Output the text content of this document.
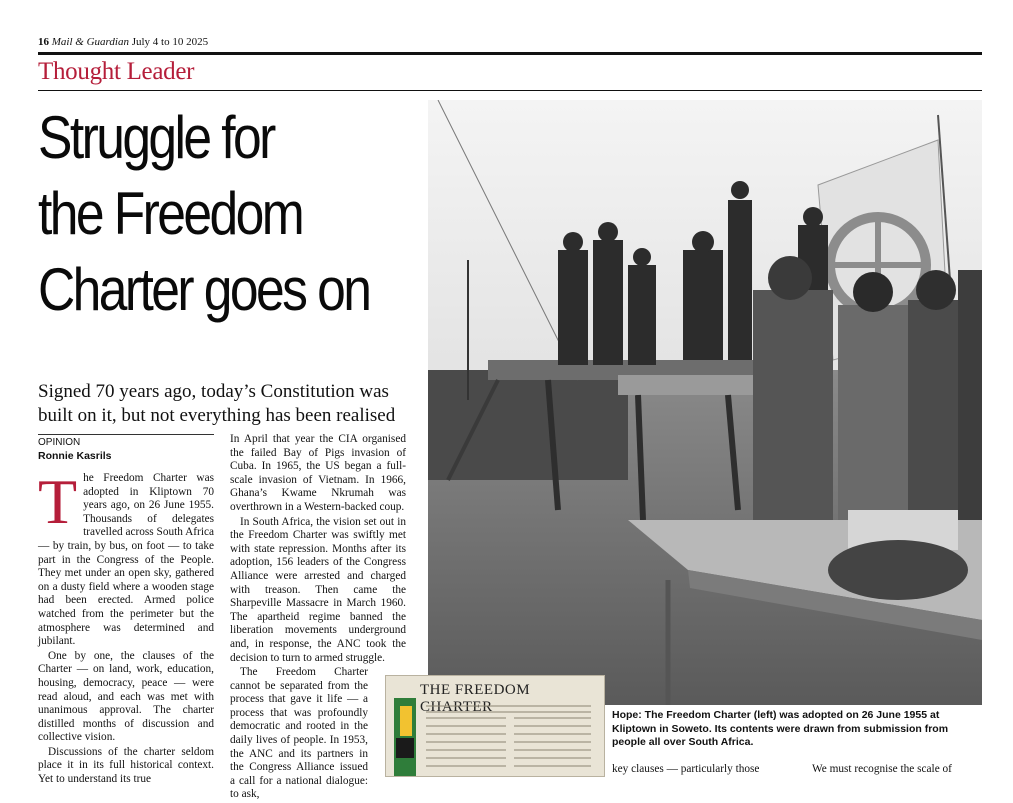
16 Mail & Guardian July 4 to 10 2025
Thought Leader
Struggle for
the Freedom
Charter goes on
Signed 70 years ago, today’s Constitution was
built on it, but not everything has been realised
OPINION
Ronnie Kasrils

The Freedom Charter was adopted in Kliptown 70 years ago, on 26 June 1955. Thousands of delegates travelled across South Africa — by train, by bus, on foot — to take part in the Congress of the People. They met under an open sky, gathered on a dusty field where a wooden stage had been erected. Armed police watched from the perimeter but the atmosphere was determined and jubilant.

One by one, the clauses of the Charter — on land, work, education, housing, democracy, peace — were read aloud, and each was met with unanimous approval. The charter distilled months of discussion and collective vision.

Discussions of the charter seldom place it in its full historical context. Yet to understand its true

In April that year the CIA organised the failed Bay of Pigs invasion of Cuba. In 1965, the US began a full-scale invasion of Vietnam. In 1966, Ghana’s Kwame Nkrumah was overthrown in a Western-backed coup.

In South Africa, the vision set out in the Freedom Charter was swiftly met with state repression. Months after its adoption, 156 leaders of the Congress Alliance were arrested and charged with treason. Then came the Sharpeville Massacre in March 1960. The apartheid regime banned the liberation movements underground and, in response, the ANC took the decision to turn to armed struggle.

The Freedom Charter cannot be separated from the process that gave it life — a process that was profoundly democratic and rooted in the daily lives of people. In 1953, the ANC and its partners in the Congress Alliance issued a call for a national dialogue: to ask,

THE FREEDOM CHARTER	Hope: The Freedom Charter (left) was adopted on 26 June 1955 at Kliptown in Soweto. Its contents were drawn from submission from people all over South Africa.
key clauses — particularly those	We must recognise the scale of
